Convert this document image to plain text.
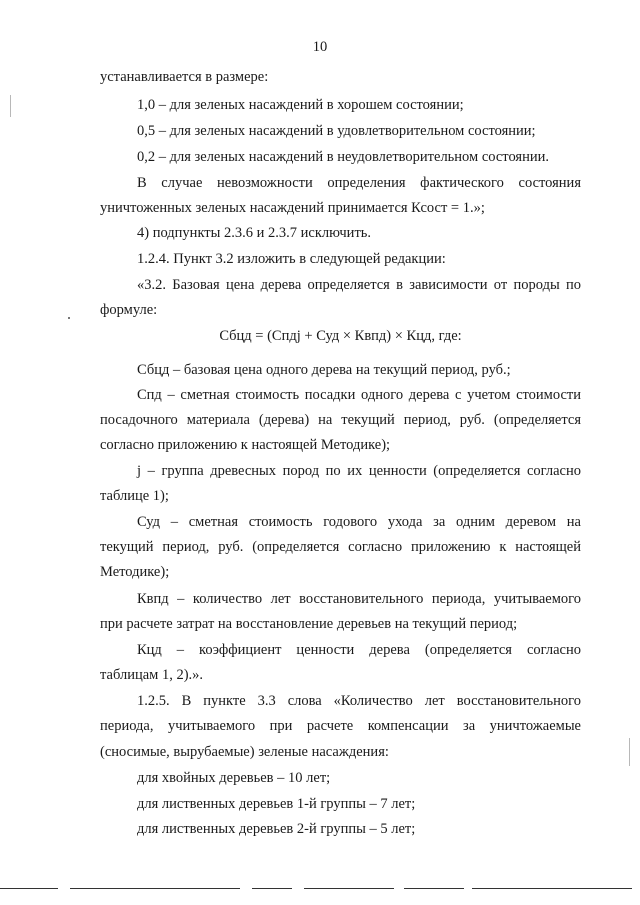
10
устанавливается в размере:
1,0 – для зеленых насаждений в хорошем состоянии;
0,5 – для зеленых насаждений в удовлетворительном состоянии;
0,2 – для зеленых насаждений в неудовлетворительном состоянии.
В случае невозможности определения фактического состояния
уничтоженных зеленых насаждений принимается Ксост = 1.»;
4) подпункты 2.3.6 и 2.3.7 исключить.
1.2.4. Пункт 3.2 изложить в следующей редакции:
«3.2. Базовая цена дерева определяется в зависимости от породы по
формуле:
Сбцд = (Спдj + Суд × Квпд) × Кцд, где:
Сбцд – базовая цена одного дерева на текущий период, руб.;
Спд – сметная стоимость посадки одного дерева с учетом стоимости
посадочного материала (дерева) на текущий период, руб. (определяется
согласно приложению к настоящей Методике);
j – группа древесных пород по их ценности (определяется согласно
таблице 1);
Суд – сметная стоимость годового ухода за одним деревом на
текущий период, руб. (определяется согласно приложению к настоящей
Методике);
Квпд – количество лет восстановительного периода, учитываемого
при расчете затрат на восстановление деревьев на текущий период;
Кцд – коэффициент ценности дерева (определяется согласно
таблицам 1, 2).».
1.2.5. В пункте 3.3 слова «Количество лет восстановительного
периода, учитываемого при расчете компенсации за уничтожаемые
(сносимые, вырубаемые) зеленые насаждения:
для хвойных деревьев – 10 лет;
для лиственных деревьев 1-й группы – 7 лет;
для лиственных деревьев 2-й группы – 5 лет;
